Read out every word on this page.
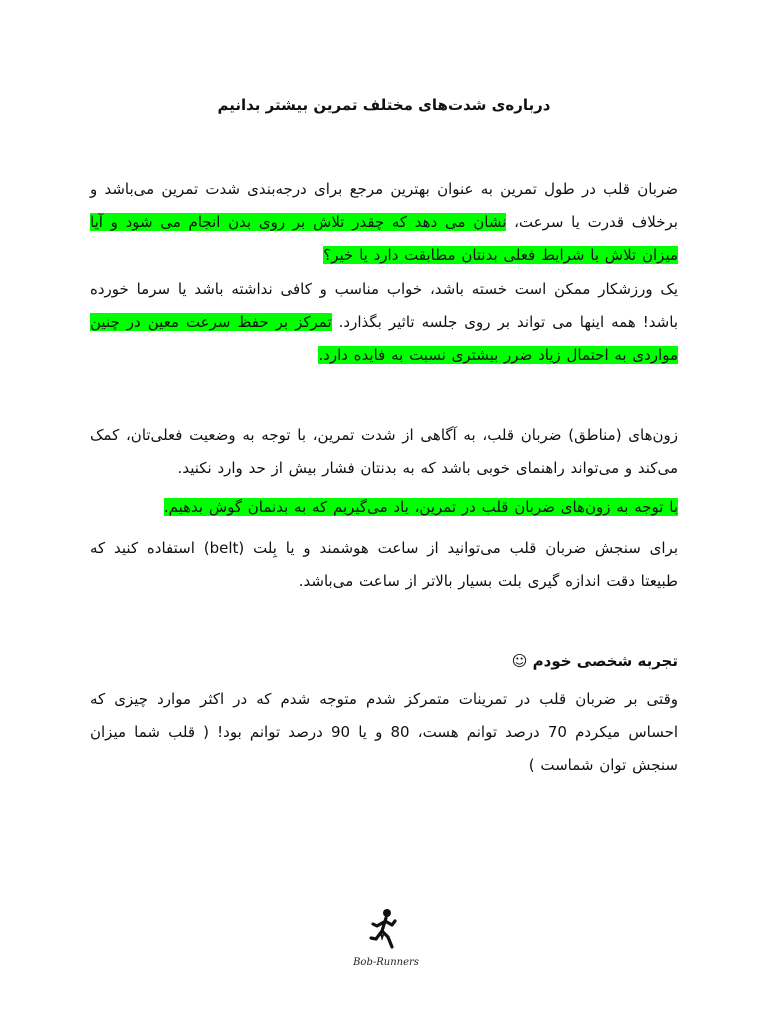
درباره‌ی شدت‌های مختلف تمرین بیشتر بدانیم

ضربان قلب در طول تمرین به عنوان بهترین مرجع برای درجه‌بندی شدت تمرین می‌باشد و برخلاف قدرت یا سرعت، نشان می دهد که چقدر تلاش بر روی بدن انجام می شود و آیا میزان تلاش با شرایط فعلی بدنتان مطابقت دارد یا خیر؟

یک ورزشکار ممکن است خسته باشد، خواب مناسب و کافی نداشته باشد یا سرما خورده باشد! همه اینها می تواند بر روی جلسه تاثیر بگذارد. تمرکز بر حفظ سرعت معین در چنین مواردی به احتمال زیاد ضرر بیشتری نسبت به فایده دارد.

زون‌های (مناطق) ضربان قلب، به آگاهی از شدت تمرین، با توجه به وضعیت فعلی‌تان، کمک می‌کند و می‌تواند راهنمای خوبی باشد که به بدنتان فشار بیش از حد وارد نکنید.

با توجه به زون‌های ضربان قلب در تمرین، یاد می‌گیریم که به بدنمان گوش بدهیم.

برای سنجش ضربان قلب می‌توانید از ساعت هوشمند و یا بِلت (belt) استفاده کنید که طبیعتا دقت اندازه گیری بلت بسیار بالاتر از ساعت می‌باشد.

تجربه شخصی خودم ☺

وقتی بر ضربان قلب در تمرینات متمرکز شدم متوجه شدم که در اکثر موارد چیزی که احساس میکردم 70 درصد توانم هست، 80 و یا 90 درصد توانم بود! ( قلب شما میزان سنجش توان شماست )

Bob-Runners
